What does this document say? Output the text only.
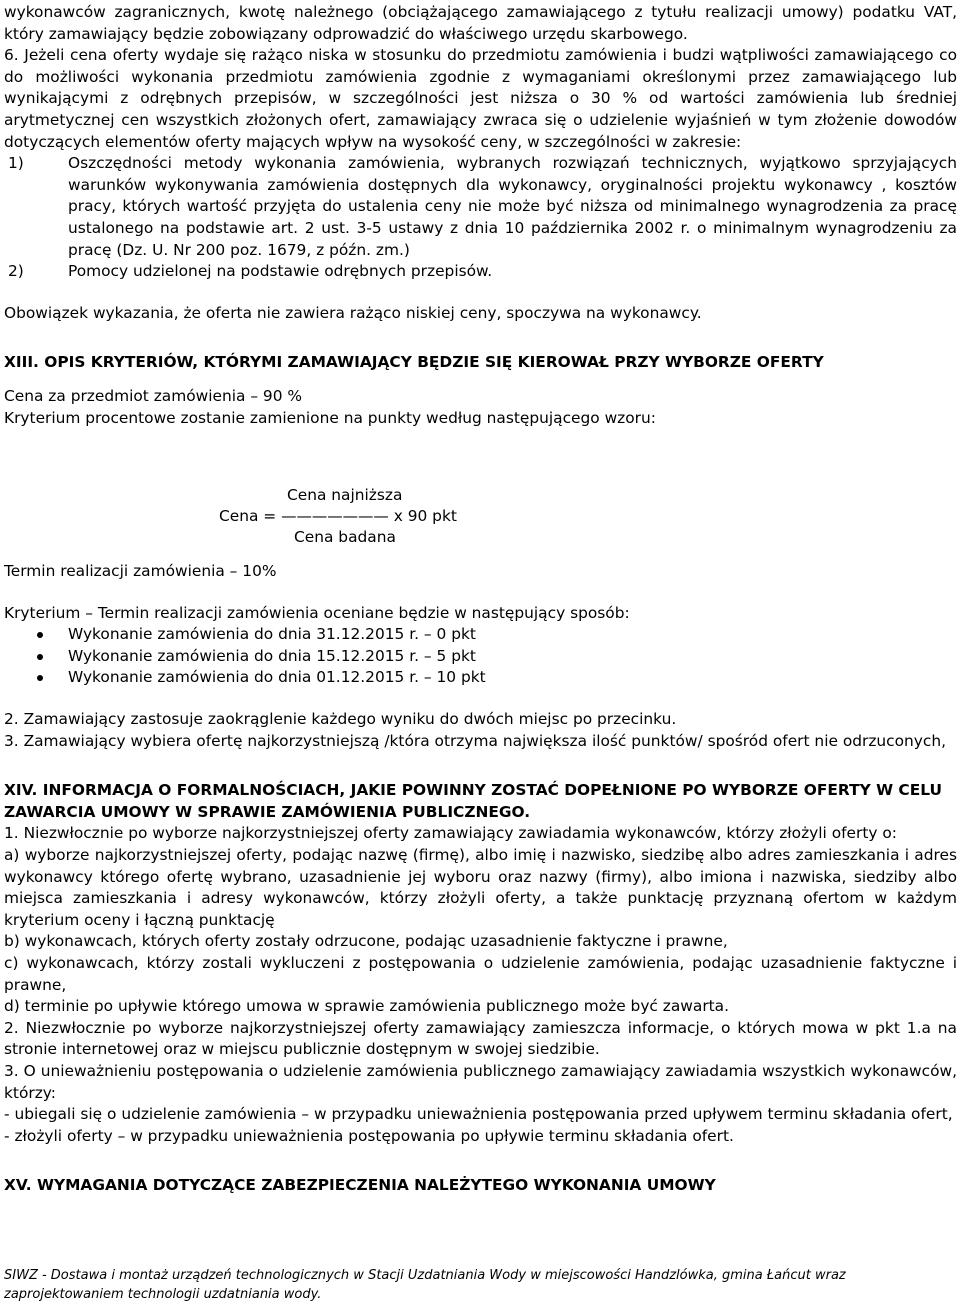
wykonawców zagranicznych, kwotę należnego (obciążającego zamawiającego z tytułu realizacji umowy) podatku VAT, który zamawiający będzie zobowiązany odprowadzić do właściwego urzędu skarbowego.

6. Jeżeli cena oferty wydaje się rażąco niska w stosunku do przedmiotu zamówienia i budzi wątpliwości zamawiającego co do możliwości wykonania przedmiotu zamówienia zgodnie z wymaganiami określonymi przez zamawiającego lub wynikającymi z odrębnych przepisów, w szczególności jest niższa o 30 % od wartości zamówienia lub średniej arytmetycznej cen wszystkich złożonych ofert, zamawiający zwraca się o udzielenie wyjaśnień w tym złożenie dowodów dotyczących elementów oferty mających wpływ na wysokość ceny, w szczególności w zakresie:

1)	Oszczędności metody wykonania zamówienia, wybranych rozwiązań technicznych, wyjątkowo sprzyjających warunków wykonywania zamówienia dostępnych dla wykonawcy, oryginalności projektu wykonawcy , kosztów pracy, których wartość przyjęta do ustalenia ceny nie może być niższa od minimalnego wynagrodzenia za pracę ustalonego na podstawie art. 2 ust. 3-5 ustawy z dnia 10 października 2002 r. o minimalnym wynagrodzeniu za pracę (Dz. U. Nr 200 poz. 1679, z późn. zm.)
2)	Pomocy udzielonej na podstawie odrębnych przepisów.

Obowiązek wykazania, że oferta nie zawiera rażąco niskiej ceny, spoczywa na wykonawcy.

XIII. OPIS KRYTERIÓW, KTÓRYMI ZAMAWIAJĄCY BĘDZIE SIĘ KIEROWAŁ PRZY WYBORZE OFERTY

Cena za przedmiot zamówienia – 90 %

Kryterium procentowe zostanie zamienione na punkty według następującego wzoru:

Cena najniższa
Cena = ——————— x 90 pkt
Cena badana

Termin realizacji zamówienia – 10%

Kryterium – Termin realizacji zamówienia oceniane będzie w następujący sposób:

Wykonanie zamówienia do dnia 31.12.2015 r. – 0 pkt
Wykonanie zamówienia do dnia 15.12.2015 r. – 5 pkt
Wykonanie zamówienia do dnia 01.12.2015 r. – 10 pkt

2. Zamawiający zastosuje zaokrąglenie każdego wyniku do dwóch miejsc po przecinku.

3. Zamawiający wybiera ofertę najkorzystniejszą /która otrzyma największa ilość punktów/ spośród ofert nie odrzuconych,

XIV. INFORMACJA O FORMALNOŚCIACH, JAKIE POWINNY ZOSTAĆ DOPEŁNIONE PO WYBORZE OFERTY W CELU ZAWARCIA UMOWY W SPRAWIE ZAMÓWIENIA PUBLICZNEGO.

1. Niezwłocznie po wyborze najkorzystniejszej oferty zamawiający zawiadamia wykonawców, którzy złożyli oferty o:

a) wyborze najkorzystniejszej oferty, podając nazwę (firmę), albo imię i nazwisko, siedzibę albo adres zamieszkania i adres wykonawcy którego ofertę wybrano, uzasadnienie jej wyboru oraz nazwy (firmy), albo imiona i nazwiska, siedziby albo miejsca zamieszkania i adresy wykonawców, którzy złożyli oferty, a także punktację przyznaną ofertom w każdym kryterium oceny i łączną punktację

b) wykonawcach, których oferty zostały odrzucone, podając uzasadnienie faktyczne i prawne,

c) wykonawcach, którzy zostali wykluczeni z postępowania o udzielenie zamówienia, podając uzasadnienie faktyczne i prawne,

d) terminie po upływie którego umowa w sprawie zamówienia publicznego może być zawarta.

2. Niezwłocznie po wyborze najkorzystniejszej oferty zamawiający zamieszcza informacje, o których mowa w pkt 1.a na stronie internetowej oraz w miejscu publicznie dostępnym w swojej siedzibie.

3. O unieważnieniu postępowania o udzielenie zamówienia publicznego zamawiający zawiadamia wszystkich wykonawców, którzy:

- ubiegali się o udzielenie zamówienia – w przypadku unieważnienia postępowania przed upływem terminu składania ofert,

- złożyli oferty – w przypadku unieważnienia postępowania po upływie terminu składania ofert.

XV. WYMAGANIA DOTYCZĄCE ZABEZPIECZENIA NALEŻYTEGO WYKONANIA UMOWY
SIWZ - Dostawa i montaż urządzeń technologicznych w Stacji Uzdatniania Wody w miejscowości Handzlówka, gmina Łańcut wraz zaprojektowaniem technologii uzdatniania wody.
